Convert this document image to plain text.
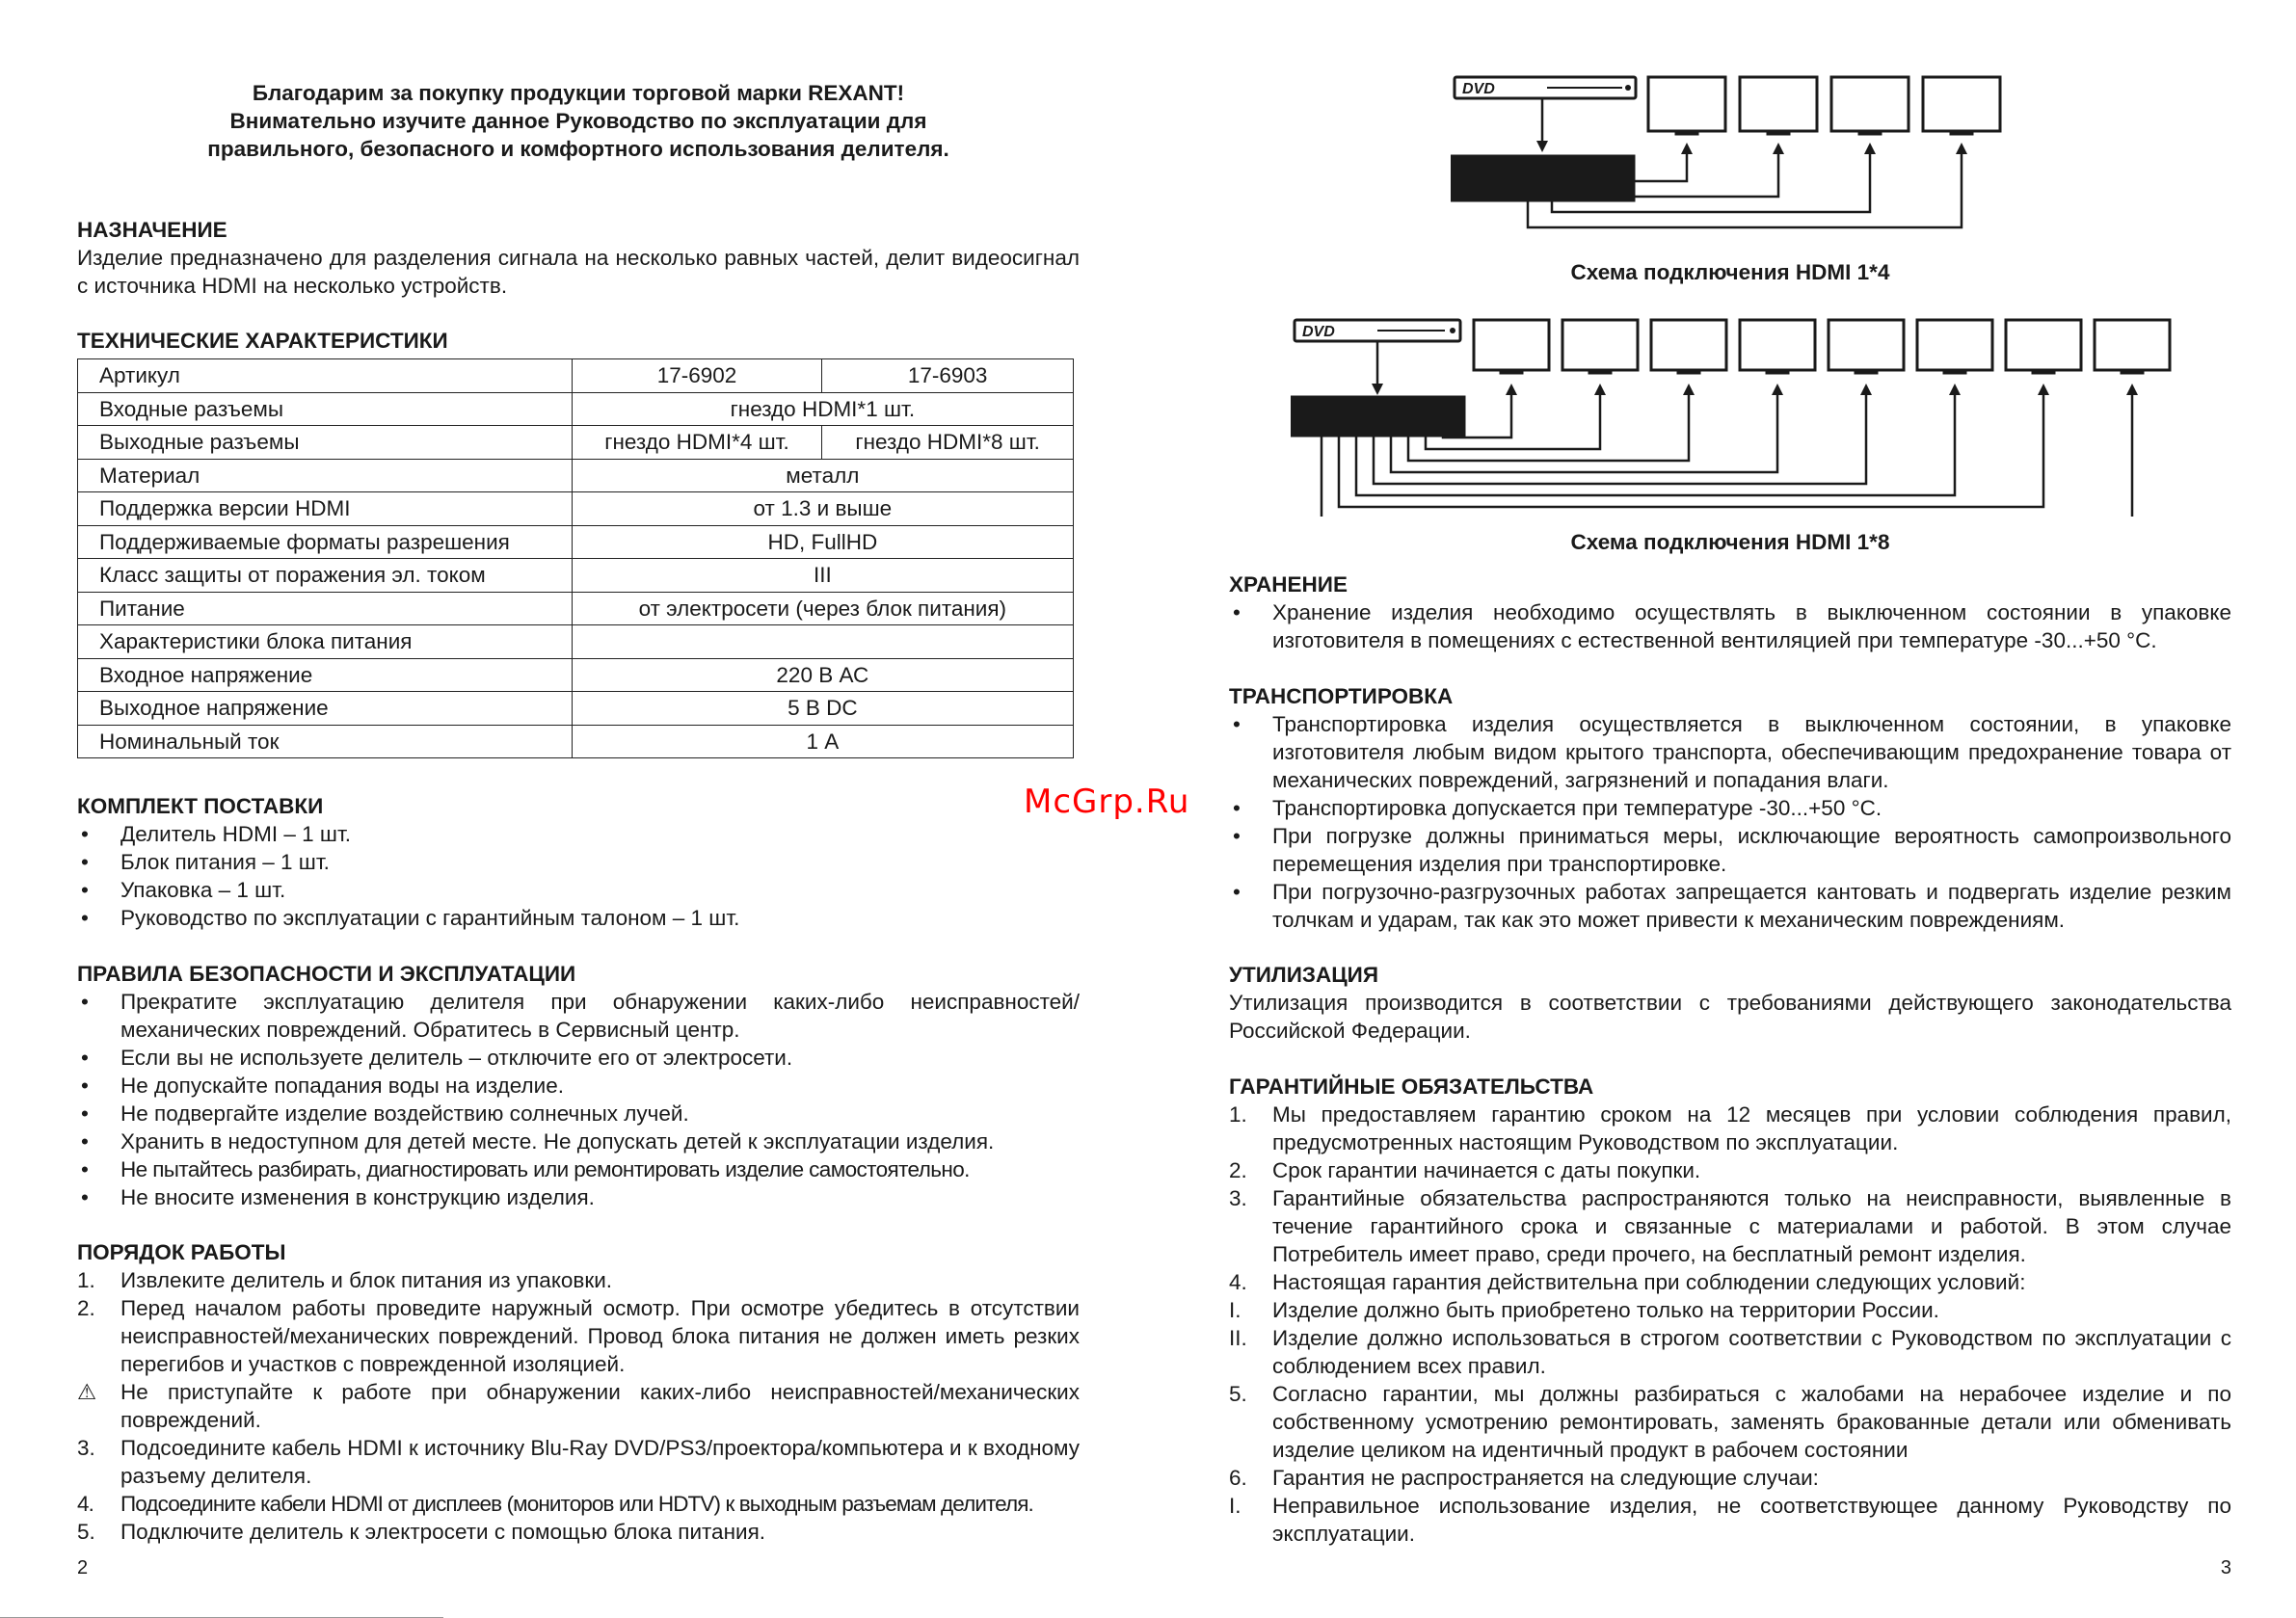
Благодарим за покупку продукции торговой марки REXANT!
Внимательно изучите данное Руководство по эксплуатации для
правильного, безопасного и комфортного использования делителя.
НАЗНАЧЕНИЕ

Изделие предназначено для разделения сигнала на несколько равных частей, делит видеосигнал с источника HDMI на несколько устройств.

ТЕХНИЧЕСКИЕ ХАРАКТЕРИСТИКИ
Артикул	17-6902	17-6903
Входные разъемы	гнездо HDMI*1 шт.	
Выходные разъемы	гнездо HDMI*4 шт.	гнездо HDMI*8 шт.
Материал	металл	
Поддержка версии HDMI	от 1.3 и выше	
Поддерживаемые форматы разрешения	HD, FullHD	
Класс защиты от поражения эл. током	III	
Питание	от электросети (через блок питания)	
Характеристики блока питания		
Входное напряжение	220 В АС	
Выходное напряжение	5 В DC	
Номинальный ток	1 А	
КОМПЛЕКТ ПОСТАВКИ
• Делитель HDMI – 1 шт.
• Блок питания – 1 шт.
• Упаковка – 1 шт.
• Руководство по эксплуатации с гарантийным талоном – 1 шт.
ПРАВИЛА БЕЗОПАСНОСТИ И ЭКСПЛУАТАЦИИ
• Прекратите эксплуатацию делителя при обнаружении каких-либо неисправностей/ механических повреждений. Обратитесь в Сервисный центр.
• Если вы не используете делитель – отключите его от электросети.
• Не допускайте попадания воды на изделие.
• Не подвергайте изделие воздействию солнечных лучей.
• Хранить в недоступном для детей месте. Не допускать детей к эксплуатации изделия.
• Не пытайтесь разбирать, диагностировать или ремонтировать изделие самостоятельно.
• Не вносите изменения в конструкцию изделия.
ПОРЯДОК РАБОТЫ
1. Извлеките делитель и блок питания из упаковки.
2. Перед началом работы проведите наружный осмотр. При осмотре убедитесь в отсутствии неисправностей/механических повреждений. Провод блока питания не должен иметь резких перегибов и участков с поврежденной изоляцией.
⚠ Не приступайте к работе при обнаружении каких-либо неисправностей/механических повреждений.
3. Подсоедините кабель HDMI к источнику Blu-Ray DVD/PS3/проектора/компьютера и к входному разъему делителя.
4. Подсоедините кабели HDMI от дисплеев (мониторов или HDTV) к выходным разъемам делителя.
5. Подключите делитель к электросети с помощью блока питания.
2
DVD
Схема подключения HDMI 1*4
DVD
Схема подключения HDMI 1*8
ХРАНЕНИЕ
• Хранение изделия необходимо осуществлять в выключенном состоянии в упаковке изготовителя в помещениях с естественной вентиляцией при температуре -30...+50 °С.
ТРАНСПОРТИРОВКА
• Транспортировка изделия осуществляется в выключенном состоянии, в упаковке изготовителя любым видом крытого транспорта, обеспечивающим предохранение товара от механических повреждений, загрязнений и попадания влаги.
• Транспортировка допускается при температуре -30...+50 °С.
• При погрузке должны приниматься меры, исключающие вероятность самопроизвольного перемещения изделия при транспортировке.
• При погрузочно-разгрузочных работах запрещается кантовать и подвергать изделие резким толчкам и ударам, так как это может привести к механическим повреждениям.
УТИЛИЗАЦИЯ

Утилизация производится в соответствии с требованиями действующего законодательства Российской Федерации.

ГАРАНТИЙНЫЕ ОБЯЗАТЕЛЬСТВА
1. Мы предоставляем гарантию сроком на 12 месяцев при условии соблюдения правил, предусмотренных настоящим Руководством по эксплуатации.
2. Срок гарантии начинается с даты покупки.
3. Гарантийные обязательства распространяются только на неисправности, выявленные в течение гарантийного срока и связанные с материалами и работой. В этом случае Потребитель имеет право, среди прочего, на бесплатный ремонт изделия.
4. Настоящая гарантия действительна при соблюдении следующих условий:
I. Изделие должно быть приобретено только на территории России.
II. Изделие должно использоваться в строгом соответствии с Руководством по эксплуатации с соблюдением всех правил.
5. Согласно гарантии, мы должны разбираться с жалобами на нерабочее изделие и по собственному усмотрению ремонтировать, заменять бракованные детали или обменивать изделие целиком на идентичный продукт в рабочем состоянии
6. Гарантия не распространяется на следующие случаи:
I. Неправильное использование изделия, не соответствующее данному Руководству по эксплуатации.
3
McGrp.Ru
